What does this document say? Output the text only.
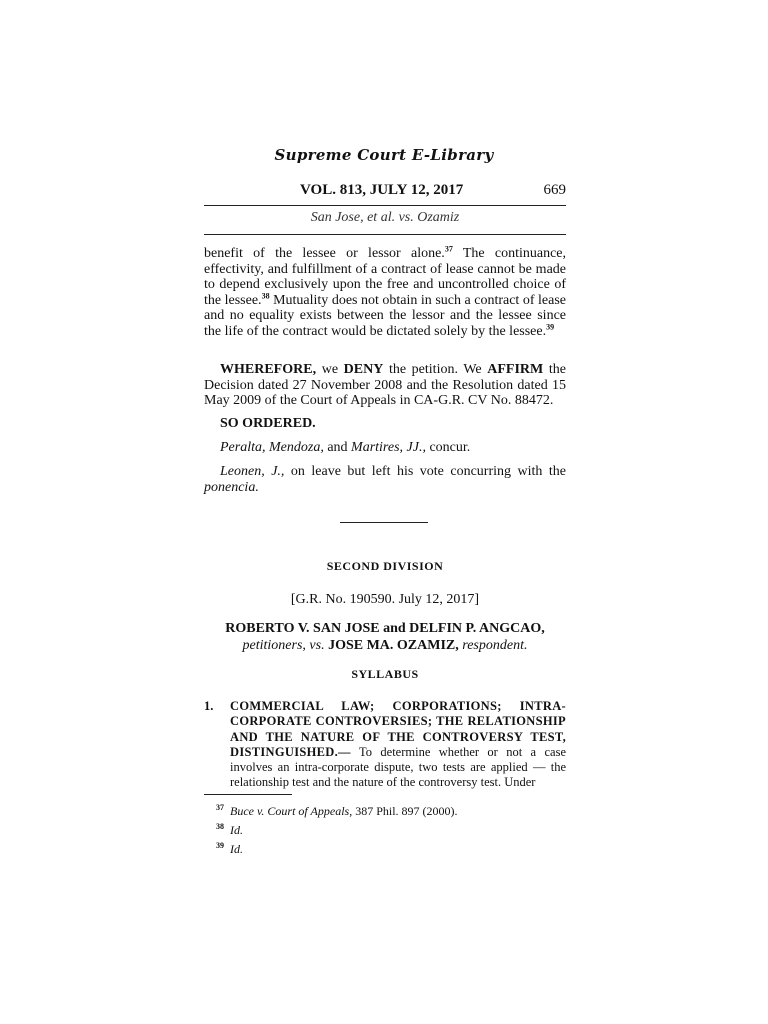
Supreme Court E-Library
VOL. 813, JULY 12, 2017	669
San Jose, et al. vs. Ozamiz
benefit of the lessee or lessor alone.$^{37}$ The continuance, effectivity, and fulfillment of a contract of lease cannot be made to depend exclusively upon the free and uncontrolled choice of the lessee.$^{38}$ Mutuality does not obtain in such a contract of lease and no equality exists between the lessor and the lessee since the life of the contract would be dictated solely by the lessee.$^{39}$
WHEREFORE, we DENY the petition. We AFFIRM the Decision dated 27 November 2008 and the Resolution dated 15 May 2009 of the Court of Appeals in CA-G.R. CV No. 88472.
SO ORDERED.
Peralta, Mendoza, and Martires, JJ., concur.
Leonen, J., on leave but left his vote concurring with the ponencia.
SECOND DIVISION
[G.R. No. 190590. July 12, 2017]
ROBERTO V. SAN JOSE and DELFIN P. ANGCAO,
petitioners, vs. JOSE MA. OZAMIZ, respondent.
SYLLABUS
1. COMMERCIAL LAW; CORPORATIONS; INTRA-CORPORATE CONTROVERSIES; THE RELATIONSHIP AND THE NATURE OF THE CONTROVERSY TEST, DISTINGUISHED.— To determine whether or not a case involves an intra-corporate dispute, two tests are applied — the relationship test and the nature of the controversy test. Under
$^{37}$ Buce v. Court of Appeals, 387 Phil. 897 (2000).
$^{38}$ Id.
$^{39}$ Id.
